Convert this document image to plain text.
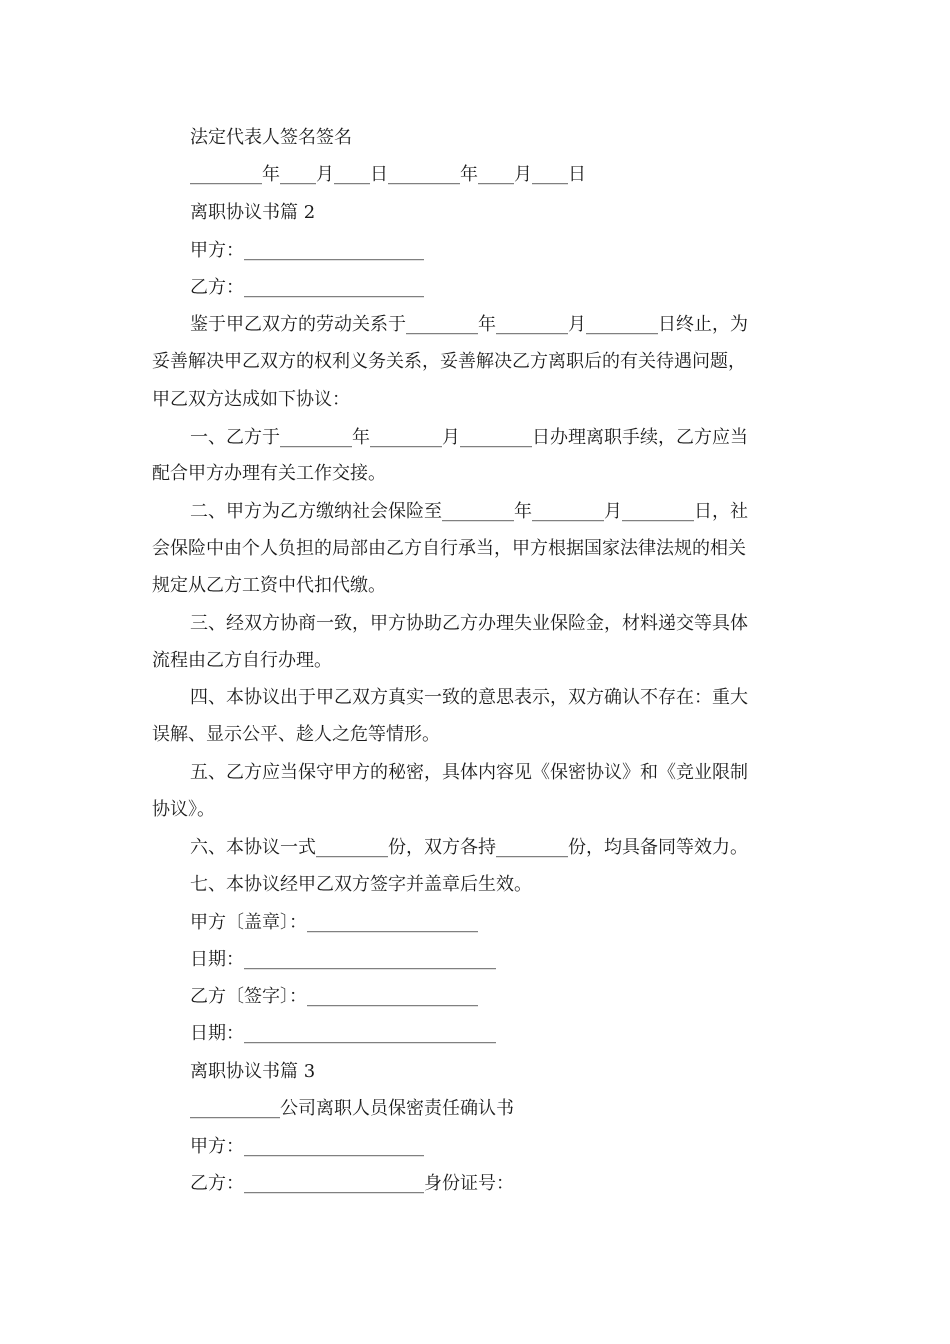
法定代表人签名签名
________年____月____日________年____月____日
离职协议书篇 2
甲方：____________________
乙方：____________________
鉴于甲乙双方的劳动关系于________年________月________日终止，为
妥善解决甲乙双方的权利义务关系，妥善解决乙方离职后的有关待遇问题，
甲乙双方达成如下协议：
一、乙方于________年________月________日办理离职手续，乙方应当
配合甲方办理有关工作交接。
二、甲方为乙方缴纳社会保险至________年________月________日，社
会保险中由个人负担的局部由乙方自行承当，甲方根据国家法律法规的相关
规定从乙方工资中代扣代缴。
三、经双方协商一致，甲方协助乙方办理失业保险金，材料递交等具体
流程由乙方自行办理。
四、本协议出于甲乙双方真实一致的意思表示，双方确认不存在：重大
误解、显示公平、趁人之危等情形。
五、乙方应当保守甲方的秘密，具体内容见《保密协议》和《竞业限制
协议》。
六、本协议一式________份，双方各持________份，均具备同等效力。
七、本协议经甲乙双方签字并盖章后生效。
甲方〔盖章〕：___________________
日期：____________________________
乙方〔签字〕：___________________
日期：____________________________
离职协议书篇 3
__________公司离职人员保密责任确认书
甲方：____________________
乙方：____________________身份证号：
